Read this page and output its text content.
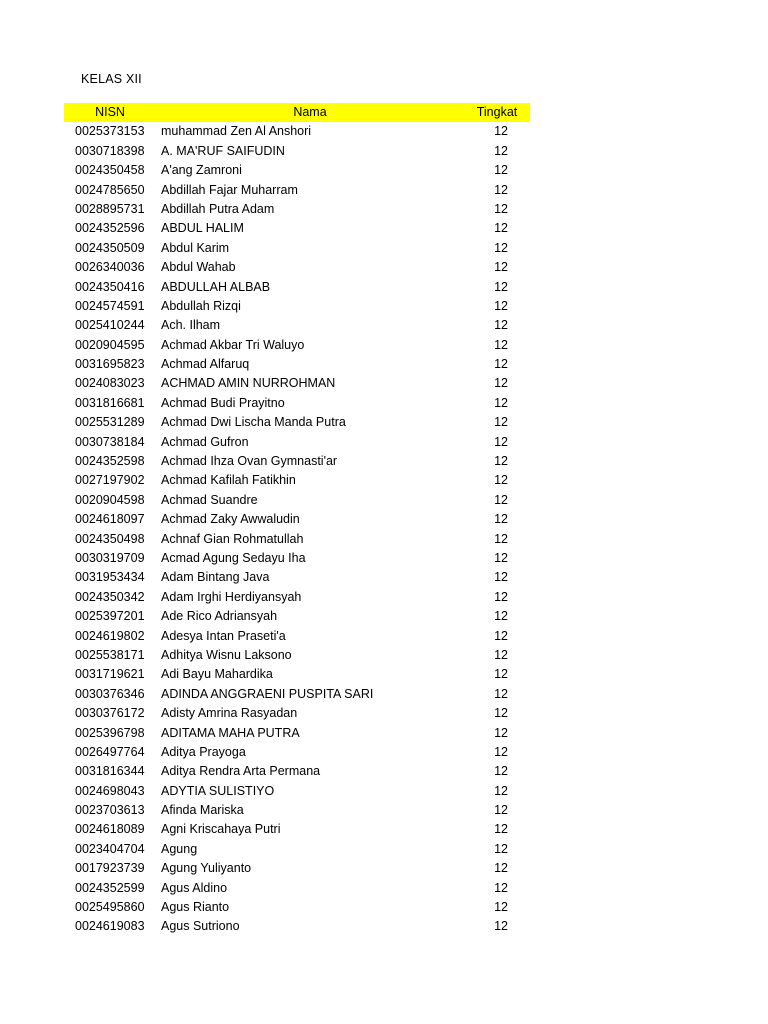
KELAS XII
NISN	Nama	Tingkat
0025373153	muhammad Zen Al Anshori	12
0030718398	A. MA'RUF SAIFUDIN	12
0024350458	A'ang Zamroni	12
0024785650	Abdillah Fajar Muharram	12
0028895731	Abdillah Putra Adam	12
0024352596	ABDUL HALIM	12
0024350509	Abdul Karim	12
0026340036	Abdul Wahab	12
0024350416	ABDULLAH ALBAB	12
0024574591	Abdullah Rizqi	12
0025410244	Ach. Ilham	12
0020904595	Achmad Akbar Tri Waluyo	12
0031695823	Achmad Alfaruq	12
0024083023	ACHMAD AMIN NURROHMAN	12
0031816681	Achmad Budi Prayitno	12
0025531289	Achmad Dwi Lischa Manda Putra	12
0030738184	Achmad Gufron	12
0024352598	Achmad Ihza Ovan Gymnasti'ar	12
0027197902	Achmad Kafilah Fatikhin	12
0020904598	Achmad Suandre	12
0024618097	Achmad Zaky Awwaludin	12
0024350498	Achnaf Gian Rohmatullah	12
0030319709	Acmad Agung Sedayu Iha	12
0031953434	Adam Bintang Java	12
0024350342	Adam Irghi Herdiyansyah	12
0025397201	Ade Rico Adriansyah	12
0024619802	Adesya Intan Praseti'a	12
0025538171	Adhitya Wisnu Laksono	12
0031719621	Adi Bayu Mahardika	12
0030376346	ADINDA ANGGRAENI PUSPITA SARI	12
0030376172	Adisty Amrina Rasyadan	12
0025396798	ADITAMA MAHA PUTRA	12
0026497764	Aditya Prayoga	12
0031816344	Aditya Rendra Arta Permana	12
0024698043	ADYTIA SULISTIYO	12
0023703613	Afinda Mariska	12
0024618089	Agni Kriscahaya Putri	12
0023404704	Agung	12
0017923739	Agung Yuliyanto	12
0024352599	Agus Aldino	12
0025495860	Agus Rianto	12
0024619083	Agus Sutriono	12
